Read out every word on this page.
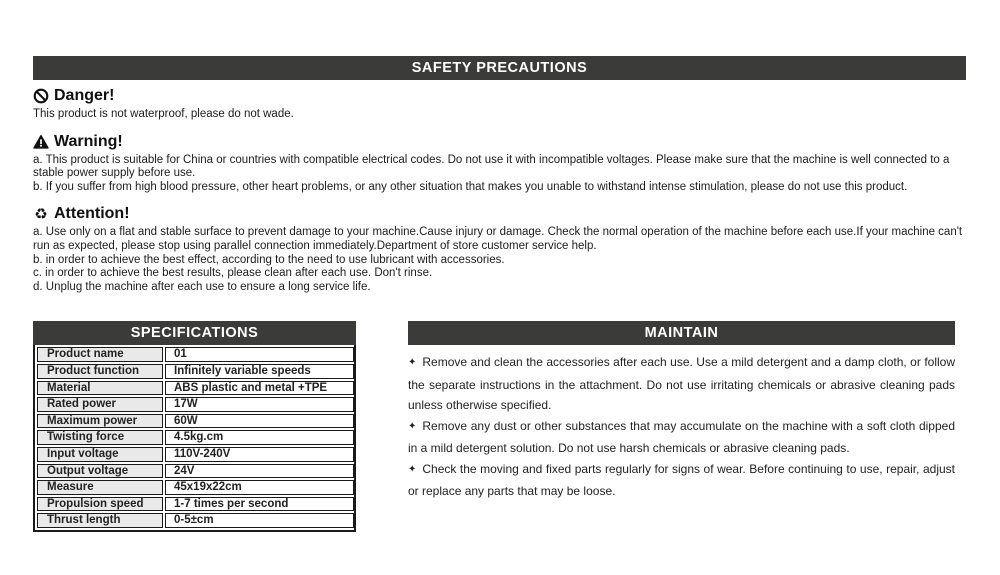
SAFETY PRECAUTIONS
Danger!

This product is not waterproof, please do not wade.

Warning!

a. This product is suitable for China or countries with compatible electrical codes. Do not use it with incompatible voltages. Please make sure that the machine is well connected to a stable power supply before use.

b. If you suffer from high blood pressure, other heart problems, or any other situation that makes you unable to withstand intense stimulation, please do not use this product.

♻︎ Attention!

a. Use only on a flat and stable surface to prevent damage to your machine.Cause injury or damage. Check the normal operation of the machine before each use.If your machine can't run as expected, please stop using parallel connection immediately.Department of store customer service help.

b. in order to achieve the best effect, according to the need to use lubricant with accessories.

c. in order to achieve the best results, please clean after each use. Don't rinse.

d. Unplug the machine after each use to ensure a long service life.

SPECIFICATIONS
Product name	01
Product function	Infinitely variable speeds
Material	ABS plastic and metal +TPE
Rated power	17W
Maximum power	60W
Twisting force	4.5kg.cm
Input voltage	110V-240V
Output voltage	24V
Measure	45x19x22cm
Propulsion speed	1-7 times per second
Thrust length	0-5±cm
MAINTAIN

✦ Remove and clean the accessories after each use. Use a mild detergent and a damp cloth, or follow the separate instructions in the attachment. Do not use irritating chemicals or abrasive cleaning pads unless otherwise specified.

✦ Remove any dust or other substances that may accumulate on the machine with a soft cloth dipped in a mild detergent solution. Do not use harsh chemicals or abrasive cleaning pads.

✦ Check the moving and fixed parts regularly for signs of wear. Before continuing to use, repair, adjust or replace any parts that may be loose.
